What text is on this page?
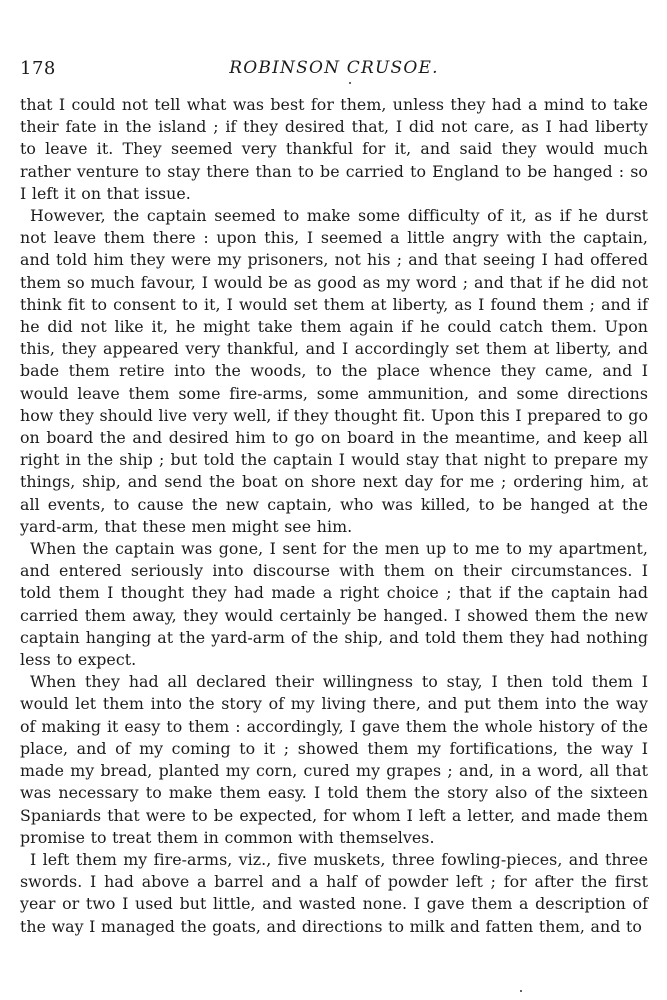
178	ROBINSON CRUSOE.

that I could not tell what was best for them, unless they had a mind to take their fate in the island ; if they desired that, I did not care, as I had liberty to leave it. They seemed very thankful for it, and said they would much rather venture to stay there than to be carried to England to be hanged : so I left it on that issue.

However, the captain seemed to make some difficulty of it, as if he durst not leave them there : upon this, I seemed a little angry with the captain, and told him they were my prisoners, not his ; and that seeing I had offered them so much favour, I would be as good as my word ; and that if he did not think fit to consent to it, I would set them at liberty, as I found them ; and if he did not like it, he might take them again if he could catch them. Upon this, they appeared very thankful, and I accordingly set them at liberty, and bade them retire into the woods, to the place whence they came, and I would leave them some fire-arms, some ammunition, and some directions how they should live very well, if they thought fit. Upon this I prepared to go on board the and desired him to go on board in the meantime, and keep all right in the ship ; but told the captain I would stay that night to prepare my things, ship, and send the boat on shore next day for me ; ordering him, at all events, to cause the new captain, who was killed, to be hanged at the yard-arm, that these men might see him.

When the captain was gone, I sent for the men up to me to my apartment, and entered seriously into discourse with them on their circumstances. I told them I thought they had made a right choice ; that if the captain had carried them away, they would certainly be hanged. I showed them the new captain hanging at the yard-arm of the ship, and told them they had nothing less to expect.

When they had all declared their willingness to stay, I then told them I would let them into the story of my living there, and put them into the way of making it easy to them : accordingly, I gave them the whole history of the place, and of my coming to it ; showed them my fortifications, the way I made my bread, planted my corn, cured my grapes ; and, in a word, all that was necessary to make them easy. I told them the story also of the sixteen Spaniards that were to be expected, for whom I left a letter, and made them promise to treat them in common with themselves.

I left them my fire-arms, viz., five muskets, three fowling-pieces, and three swords. I had above a barrel and a half of powder left ; for after the first year or two I used but little, and wasted none. I gave them a description of the way I managed the goats, and directions to milk and fatten them, and to
